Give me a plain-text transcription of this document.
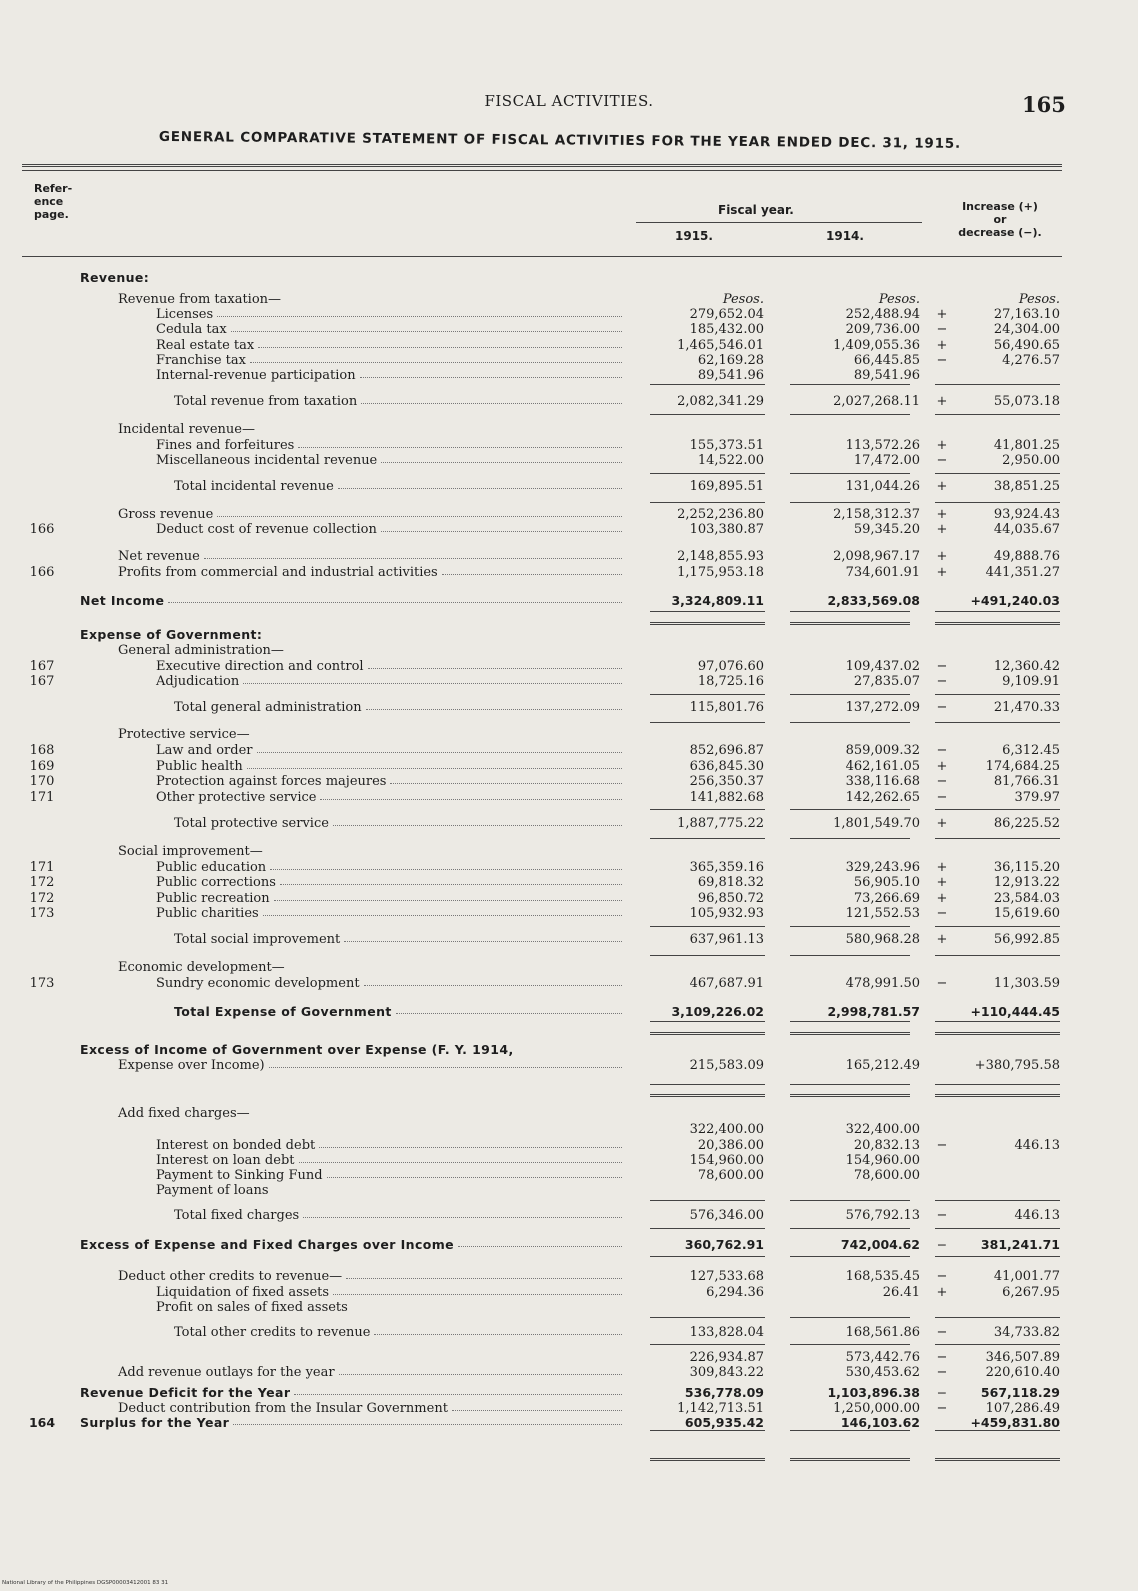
FISCAL ACTIVITIES.	165
GENERAL COMPARATIVE STATEMENT OF FISCAL ACTIVITIES FOR THE YEAR ENDED DEC. 31, 1915.
Refer-
ence
page.	Fiscal year.
1915.	1914.
Increase (+)
or
decrease (−).
Revenue:
Revenue from taxation—	Pesos.	Pesos.	Pesos.
Licenses	279,652.04	252,488.94 +	27,163.10
Cedula tax	185,432.00	209,736.00 −	24,304.00
Real estate tax	1,465,546.01	1,409,055.36 +	56,490.65
Franchise tax	62,169.28	66,445.85 −	4,276.57
Internal-revenue participation	89,541.96	89,541.96
Total revenue from taxation	2,082,341.29	2,027,268.11 +	55,073.18
Incidental revenue—
Fines and forfeitures	155,373.51	113,572.26 +	41,801.25
Miscellaneous incidental revenue	14,522.00	17,472.00 −	2,950.00
Total incidental revenue	169,895.51	131,044.26 +	38,851.25
Gross revenue	2,252,236.80	2,158,312.37 +	93,924.43
166	Deduct cost of revenue collection	103,380.87	59,345.20 +	44,035.67
Net revenue	2,148,855.93	2,098,967.17 +	49,888.76
166	Profits from commercial and industrial activities	1,175,953.18	734,601.91 +	441,351.27
Net Income	3,324,809.11	2,833,569.08	+491,240.03
Expense of Government:
General administration—
167	Executive direction and control	97,076.60	109,437.02 −	12,360.42
167	Adjudication	18,725.16	27,835.07 −	9,109.91
Total general administration	115,801.76	137,272.09 −	21,470.33
Protective service—
168	Law and order	852,696.87	859,009.32 −	6,312.45
169	Public health	636,845.30	462,161.05 +	174,684.25
170	Protection against forces majeures	256,350.37	338,116.68 −	81,766.31
171	Other protective service	141,882.68	142,262.65 −	379.97
Total protective service	1,887,775.22	1,801,549.70 +	86,225.52
Social improvement—
171	Public education	365,359.16	329,243.96 +	36,115.20
172	Public corrections	69,818.32	56,905.10 +	12,913.22
172	Public recreation	96,850.72	73,266.69 +	23,584.03
173	Public charities	105,932.93	121,552.53 −	15,619.60
Total social improvement	637,961.13	580,968.28 +	56,992.85
Economic development—
173	Sundry economic development	467,687.91	478,991.50 −	11,303.59
Total Expense of Government	3,109,226.02	2,998,781.57	+110,444.45
Excess of Income of Government over Expense (F. Y. 1914,
Expense over Income)	215,583.09	165,212.49	+380,795.58
Add fixed charges—
322,400.00	322,400.00
Interest on bonded debt	20,386.00	20,832.13 −	446.13
Interest on loan debt	154,960.00	154,960.00
Payment to Sinking Fund	78,600.00	78,600.00
Payment of loans
Total fixed charges	576,346.00	576,792.13 −	446.13
Excess of Expense and Fixed Charges over Income	360,762.91	742,004.62 −	381,241.71
Deduct other credits to revenue—	127,533.68	168,535.45 −	41,001.77
Liquidation of fixed assets	6,294.36	26.41 +	6,267.95
Profit on sales of fixed assets
Total other credits to revenue	133,828.04	168,561.86 −	34,733.82
226,934.87	573,442.76 −	346,507.89
Add revenue outlays for the year	309,843.22	530,453.62 −	220,610.40
Revenue Deficit for the Year	536,778.09	1,103,896.38 −	567,118.29
Deduct contribution from the Insular Government	1,142,713.51	1,250,000.00 −	107,286.49
164	Surplus for the Year	605,935.42	146,103.62	+459,831.80
National Library of the Philippines DGSP00003412001 83 31
